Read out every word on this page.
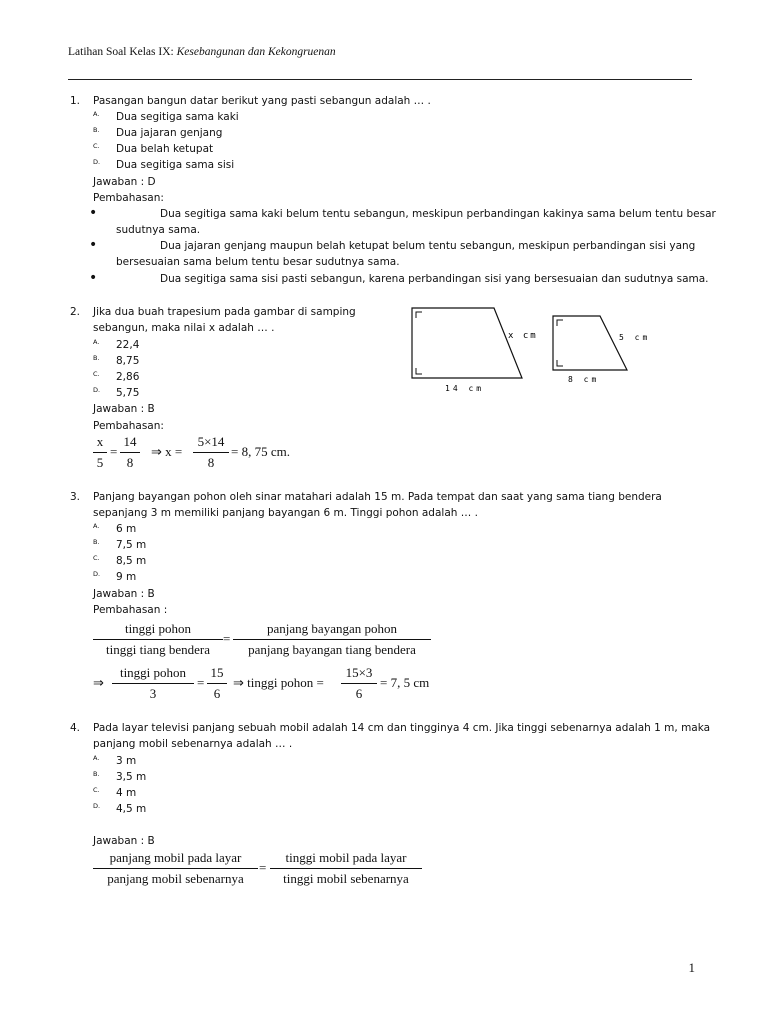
Latihan Soal Kelas IX: Kesebangunan dan Kekongruenan
1. Pasangan bangun datar berikut yang pasti sebangun adalah … .
A. Dua segitiga sama kaki
B. Dua jajaran genjang
C. Dua belah ketupat
D. Dua segitiga sama sisi
Jawaban : D
Pembahasan:
•	Dua segitiga sama kaki belum tentu sebangun, meskipun perbandingan kakinya sama belum tentu besar
sudutnya sama.
•	Dua jajaran genjang maupun belah ketupat belum tentu sebangun, meskipun perbandingan sisi yang
bersesuaian sama belum tentu besar sudutnya sama.
•	Dua segitiga sama sisi pasti sebangun, karena perbandingan sisi yang bersesuaian dan sudutnya sama.
2. Jika dua buah trapesium pada gambar di samping
sebangun, maka nilai x adalah … .
A. 22,4
B. 8,75
C. 2,86
D. 5,75
Jawaban : B
Pembahasan:
x cm
14 cm
5 cm
8 cm
x
5
=
14
8
⇒ x =
5×14
8
= 8, 75 cm.
3. Panjang bayangan pohon oleh sinar matahari adalah 15 m. Pada tempat dan saat yang sama tiang bendera
sepanjang 3 m memiliki panjang bayangan 6 m. Tinggi pohon adalah … .
A. 6 m
B. 7,5 m
C. 8,5 m
D. 9 m
Jawaban : B
Pembahasan :
tinggi pohon
tinggi tiang bendera
=
panjang bayangan pohon
panjang bayangan tiang bendera
⇒
tinggi pohon
3
=
15
6
⇒ tinggi pohon =
15×3
6
= 7, 5 cm
4. Pada layar televisi panjang sebuah mobil adalah 14 cm dan tingginya 4 cm. Jika tinggi sebenarnya adalah 1 m, maka
panjang mobil sebenarnya adalah … .
A. 3 m
B. 3,5 m
C. 4 m
D. 4,5 m
Jawaban : B
panjang mobil pada layar
panjang mobil sebenarnya
=
tinggi mobil pada layar
tinggi mobil sebenarnya
1
